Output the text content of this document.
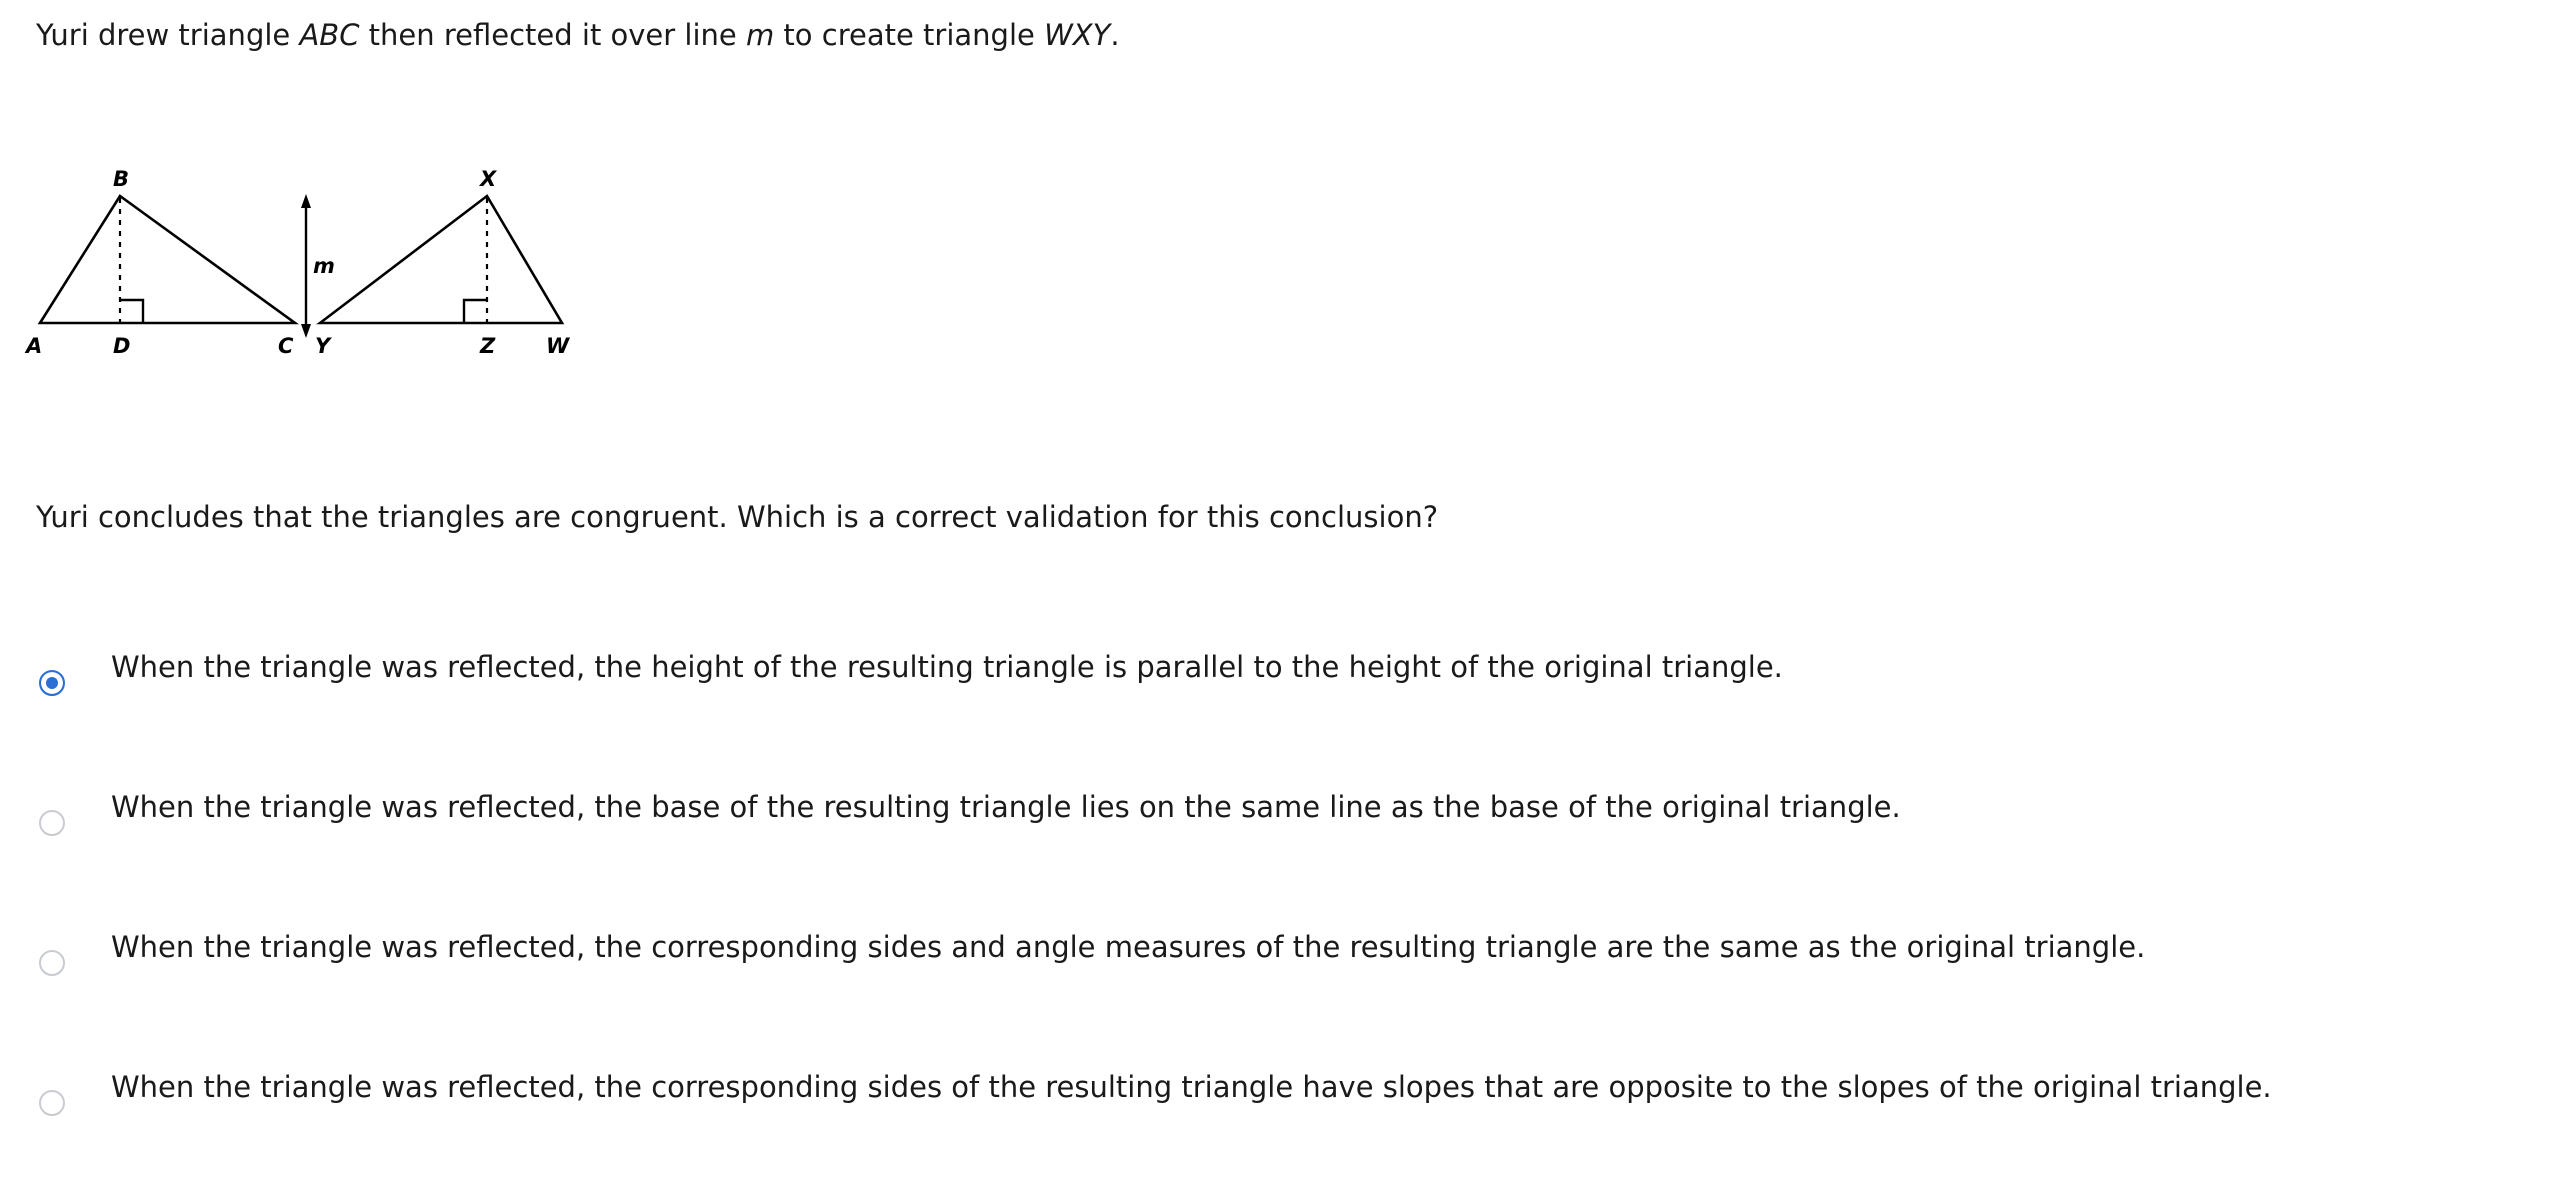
Yuri drew triangle ABC then reflected it over line m to create triangle WXY.
B
A	D	C
m
X
Y	Z W
Yuri concludes that the triangles are congruent. Which is a correct validation for this conclusion?
When the triangle was reflected, the height of the resulting triangle is parallel to the height of the original triangle.
When the triangle was reflected, the base of the resulting triangle lies on the same line as the base of the original triangle.
When the triangle was reflected, the corresponding sides and angle measures of the resulting triangle are the same as the original triangle.
When the triangle was reflected, the corresponding sides of the resulting triangle have slopes that are opposite to the slopes of the original triangle.
